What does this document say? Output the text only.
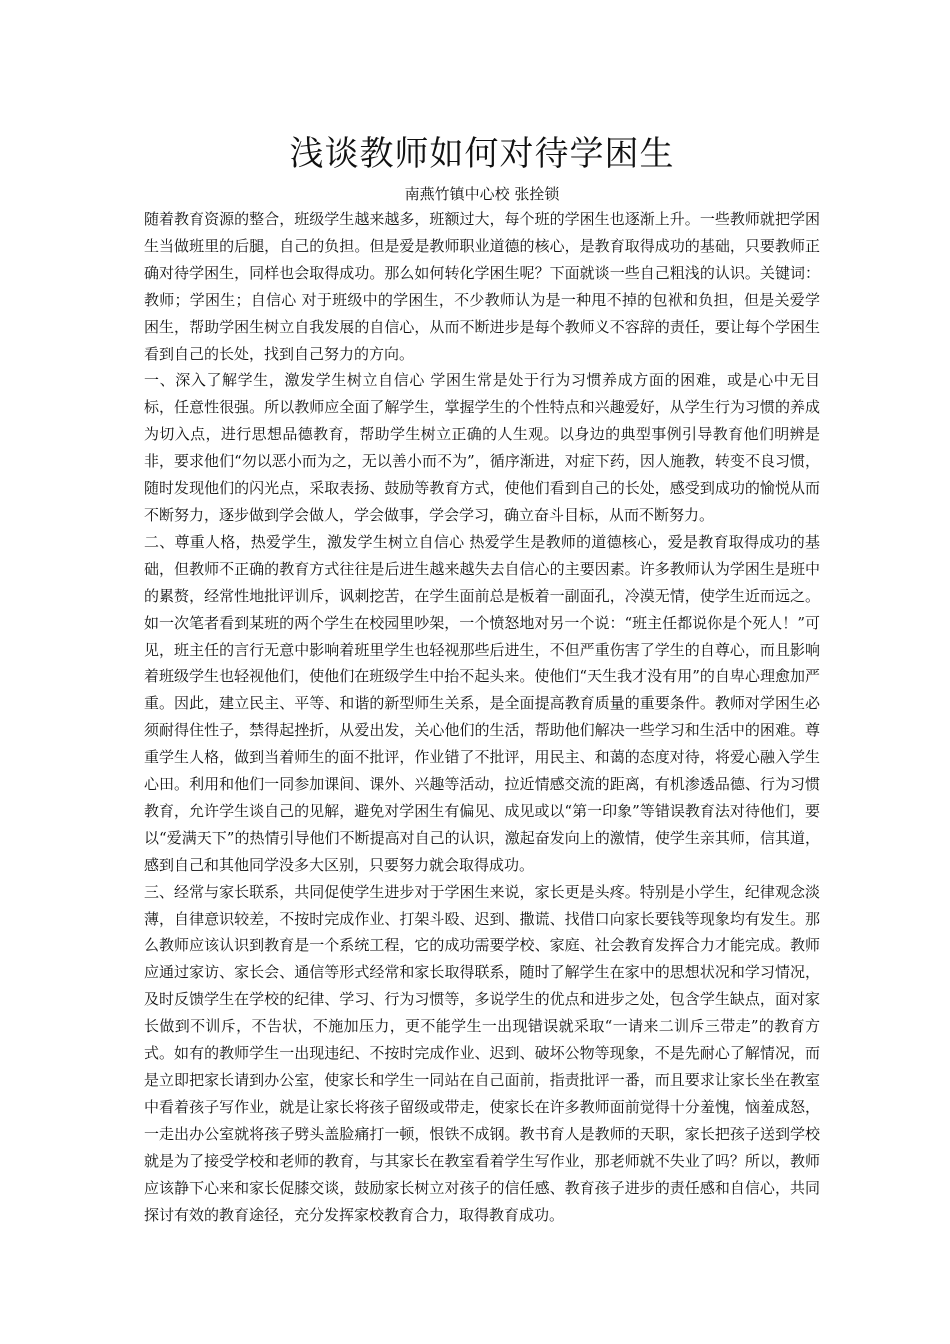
浅谈教师如何对待学困生
南燕竹镇中心校 张拴锁

随着教育资源的整合，班级学生越来越多，班额过大，每个班的学困生也逐渐上升。一些教师就把学困生当做班里的后腿，自己的负担。但是爱是教师职业道德的核心，是教育取得成功的基础，只要教师正确对待学困生，同样也会取得成功。那么如何转化学困生呢？下面就谈一些自己粗浅的认识。关键词：教师；学困生；自信心 对于班级中的学困生，不少教师认为是一种甩不掉的包袱和负担，但是关爱学困生，帮助学困生树立自我发展的自信心，从而不断进步是每个教师义不容辞的责任，要让每个学困生看到自己的长处，找到自己努力的方向。

一、深入了解学生，激发学生树立自信心 学困生常是处于行为习惯养成方面的困难，或是心中无目标，任意性很强。所以教师应全面了解学生，掌握学生的个性特点和兴趣爱好，从学生行为习惯的养成为切入点，进行思想品德教育，帮助学生树立正确的人生观。以身边的典型事例引导教育他们明辨是非，要求他们“勿以恶小而为之，无以善小而不为”，循序渐进，对症下药，因人施教，转变不良习惯，随时发现他们的闪光点，采取表扬、鼓励等教育方式，使他们看到自己的长处，感受到成功的愉悦从而不断努力，逐步做到学会做人，学会做事，学会学习，确立奋斗目标，从而不断努力。

二、尊重人格，热爱学生，激发学生树立自信心 热爱学生是教师的道德核心，爱是教育取得成功的基础，但教师不正确的教育方式往往是后进生越来越失去自信心的主要因素。许多教师认为学困生是班中的累赘，经常性地批评训斥，讽刺挖苦，在学生面前总是板着一副面孔，冷漠无情，使学生近而远之。如一次笔者看到某班的两个学生在校园里吵架，一个愤怒地对另一个说：“班主任都说你是个死人！”可见，班主任的言行无意中影响着班里学生也轻视那些后进生，不但严重伤害了学生的自尊心，而且影响着班级学生也轻视他们，使他们在班级学生中抬不起头来。使他们“天生我才没有用”的自卑心理愈加严重。因此，建立民主、平等、和谐的新型师生关系，是全面提高教育质量的重要条件。教师对学困生必须耐得住性子，禁得起挫折，从爱出发，关心他们的生活，帮助他们解决一些学习和生活中的困难。尊重学生人格，做到当着师生的面不批评，作业错了不批评，用民主、和蔼的态度对待，将爱心融入学生心田。利用和他们一同参加课间、课外、兴趣等活动，拉近情感交流的距离，有机渗透品德、行为习惯教育，允许学生谈自己的见解，避免对学困生有偏见、成见或以“第一印象”等错误教育法对待他们，要以“爱满天下”的热情引导他们不断提高对自己的认识，激起奋发向上的激情，使学生亲其师，信其道，感到自己和其他同学没多大区别，只要努力就会取得成功。

三、经常与家长联系，共同促使学生进步对于学困生来说，家长更是头疼。特别是小学生，纪律观念淡薄，自律意识较差，不按时完成作业、打架斗殴、迟到、撒谎、找借口向家长要钱等现象均有发生。那么教师应该认识到教育是一个系统工程，它的成功需要学校、家庭、社会教育发挥合力才能完成。教师应通过家访、家长会、通信等形式经常和家长取得联系，随时了解学生在家中的思想状况和学习情况，及时反馈学生在学校的纪律、学习、行为习惯等，多说学生的优点和进步之处，包含学生缺点，面对家长做到不训斥，不告状，不施加压力，更不能学生一出现错误就采取“一请来二训斥三带走”的教育方式。如有的教师学生一出现违纪、不按时完成作业、迟到、破坏公物等现象，不是先耐心了解情况，而是立即把家长请到办公室，使家长和学生一同站在自己面前，指责批评一番，而且要求让家长坐在教室中看着孩子写作业，就是让家长将孩子留级或带走，使家长在许多教师面前觉得十分羞愧，恼羞成怒，一走出办公室就将孩子劈头盖脸痛打一顿，恨铁不成钢。教书育人是教师的天职，家长把孩子送到学校就是为了接受学校和老师的教育，与其家长在教室看着学生写作业，那老师就不失业了吗？所以，教师应该静下心来和家长促膝交谈，鼓励家长树立对孩子的信任感、教育孩子进步的责任感和自信心，共同探讨有效的教育途径，充分发挥家校教育合力，取得教育成功。
